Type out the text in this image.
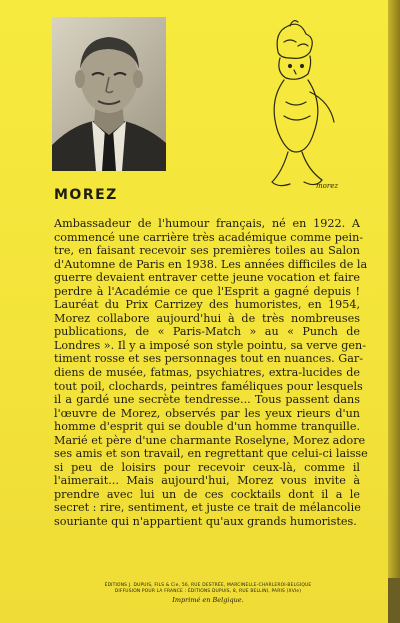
morez
MOREZ
Ambassadeur de l'humour français, né en 1922. A
commencé une carrière très académique comme pein-
tre, en faisant recevoir ses premières toiles au Salon
d'Automne de Paris en 1938. Les années difficiles de la
guerre devaient entraver cette jeune vocation et faire
perdre à l'Académie ce que l'Esprit a gagné depuis !
Lauréat du Prix Carrizey des humoristes, en 1954,
Morez collabore aujourd'hui à de très nombreuses
publications, de « Paris-Match » au « Punch de
Londres ». Il y a imposé son style pointu, sa verve gen-
timent rosse et ses personnages tout en nuances. Gar-
diens de musée, fatmas, psychiatres, extra-lucides de
tout poil, clochards, peintres faméliques pour lesquels
il a gardé une secrète tendresse... Tous passent dans
l'œuvre de Morez, observés par les yeux rieurs d'un
homme d'esprit qui se double d'un homme tranquille.
Marié et père d'une charmante Roselyne, Morez adore
ses amis et son travail, en regrettant que celui-ci laisse
si peu de loisirs pour recevoir ceux-là, comme il
l'aimerait... Mais aujourd'hui, Morez vous invite à
prendre avec lui un de ces cocktails dont il a le
secret : rire, sentiment, et juste ce trait de mélancolie
souriante qui n'appartient qu'aux grands humoristes.
ÉDITIONS J. DUPUIS, FILS & Cie, 56, RUE DESTRÉE, MARCINELLE-CHARLEROI-BELGIQUE
DIFFUSION POUR LA FRANCE : ÉDITIONS DUPUIS, 8, RUE BELLINI, PARIS (XVIe)
Imprimé en Belgique.
